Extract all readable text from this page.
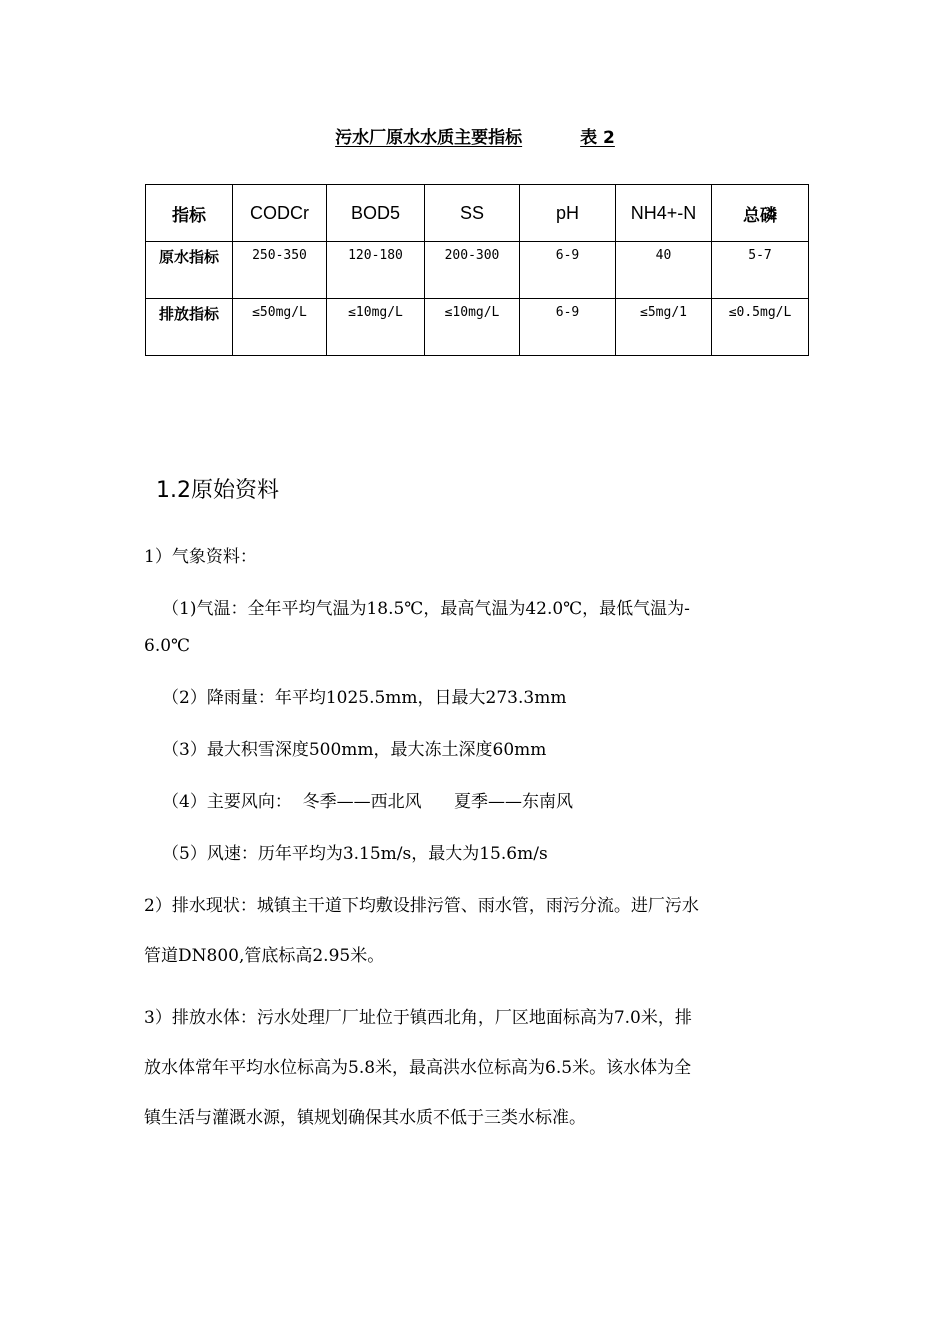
污水厂原水水质主要指标	表 2
指标	CODCr	BOD5	SS	pH	NH4+-N	总磷
原水指标	250-350	120-180	200-300	6-9	40	5-7
排放指标	≤50mg/L	≤10mg/L	≤10mg/L	6-9	≤5mg/1	≤0.5mg/L
1.2原始资料
1）气象资料：
（1)气温：全年平均气温为18.5℃，最高气温为42.0℃，最低气温为-
6.0℃
（2）降雨量：年平均1025.5mm，日最大273.3mm
（3）最大积雪深度500mm，最大冻土深度60mm
（4）主要风向：  冬季——西北风      夏季——东南风
（5）风速：历年平均为3.15m/s，最大为15.6m/s
2）排水现状：城镇主干道下均敷设排污管、雨水管，雨污分流。进厂污水
管道DN800,管底标高2.95米。
3）排放水体：污水处理厂厂址位于镇西北角，厂区地面标高为7.0米，排
放水体常年平均水位标高为5.8米，最高洪水位标高为6.5米。该水体为全
镇生活与灌溉水源，镇规划确保其水质不低于三类水标准。
